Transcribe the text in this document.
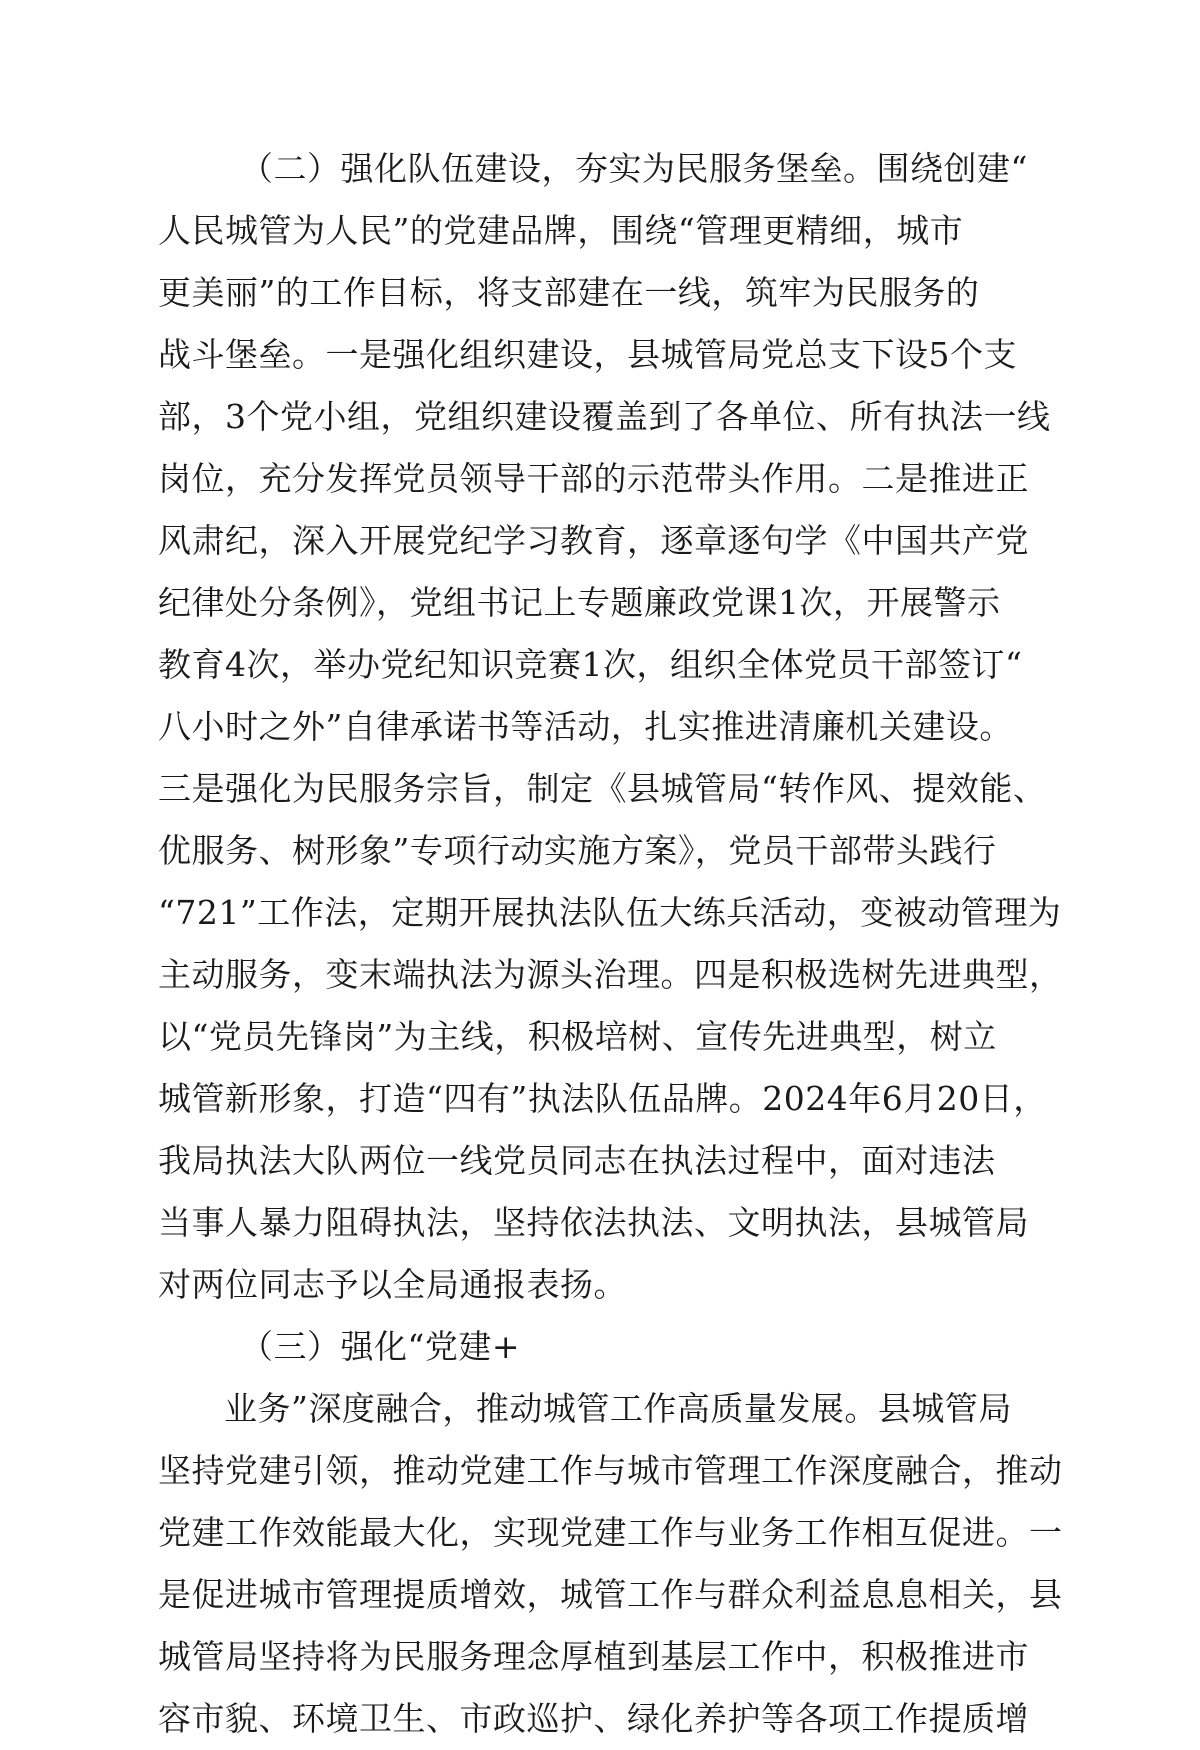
（二）强化队伍建设，夯实为民服务堡垒。围绕创建“
人民城管为人民”的党建品牌，围绕“管理更精细，城市
更美丽”的工作目标，将支部建在一线，筑牢为民服务的
战斗堡垒。一是强化组织建设，县城管局党总支下设5个支
部，3个党小组，党组织建设覆盖到了各单位、所有执法一线
岗位，充分发挥党员领导干部的示范带头作用。二是推进正
风肃纪，深入开展党纪学习教育，逐章逐句学《中国共产党
纪律处分条例》，党组书记上专题廉政党课1次，开展警示
教育4次，举办党纪知识竞赛1次，组织全体党员干部签订“
八小时之外”自律承诺书等活动，扎实推进清廉机关建设。
三是强化为民服务宗旨，制定《县城管局“转作风、提效能、
优服务、树形象”专项行动实施方案》，党员干部带头践行
“721”工作法，定期开展执法队伍大练兵活动，变被动管理为
主动服务，变末端执法为源头治理。四是积极选树先进典型，
以“党员先锋岗”为主线，积极培树、宣传先进典型，树立
城管新形象，打造“四有”执法队伍品牌。2024年6月20日，
我局执法大队两位一线党员同志在执法过程中，面对违法
当事人暴力阻碍执法，坚持依法执法、文明执法，县城管局
对两位同志予以全局通报表扬。
（三）强化“党建+
业务”深度融合，推动城管工作高质量发展。县城管局
坚持党建引领，推动党建工作与城市管理工作深度融合，推动
党建工作效能最大化，实现党建工作与业务工作相互促进。一
是促进城市管理提质增效，城管工作与群众利益息息相关，县
城管局坚持将为民服务理念厚植到基层工作中，积极推进市
容市貌、环境卫生、市政巡护、绿化养护等各项工作提质增
